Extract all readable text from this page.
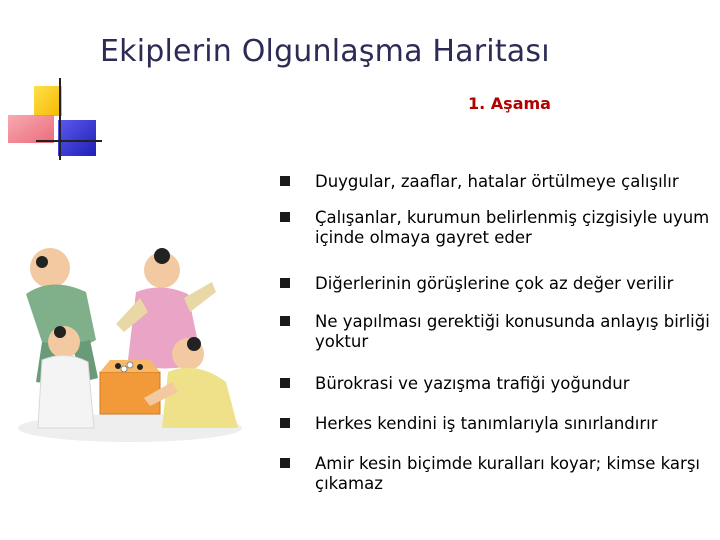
Ekiplerin Olgunlaşma Haritası
1. Aşama
Duygular, zaaflar, hatalar örtülmeye çalışılır
Çalışanlar, kurumun belirlenmiş çizgisiyle uyum içinde olmaya gayret eder
Diğerlerinin görüşlerine çok az değer verilir
Ne yapılması gerektiği konusunda anlayış birliği yoktur
Bürokrasi ve yazışma trafiği yoğundur
Herkes kendini iş tanımlarıyla sınırlandırır
Amir kesin biçimde kuralları koyar; kimse karşı çıkamaz
